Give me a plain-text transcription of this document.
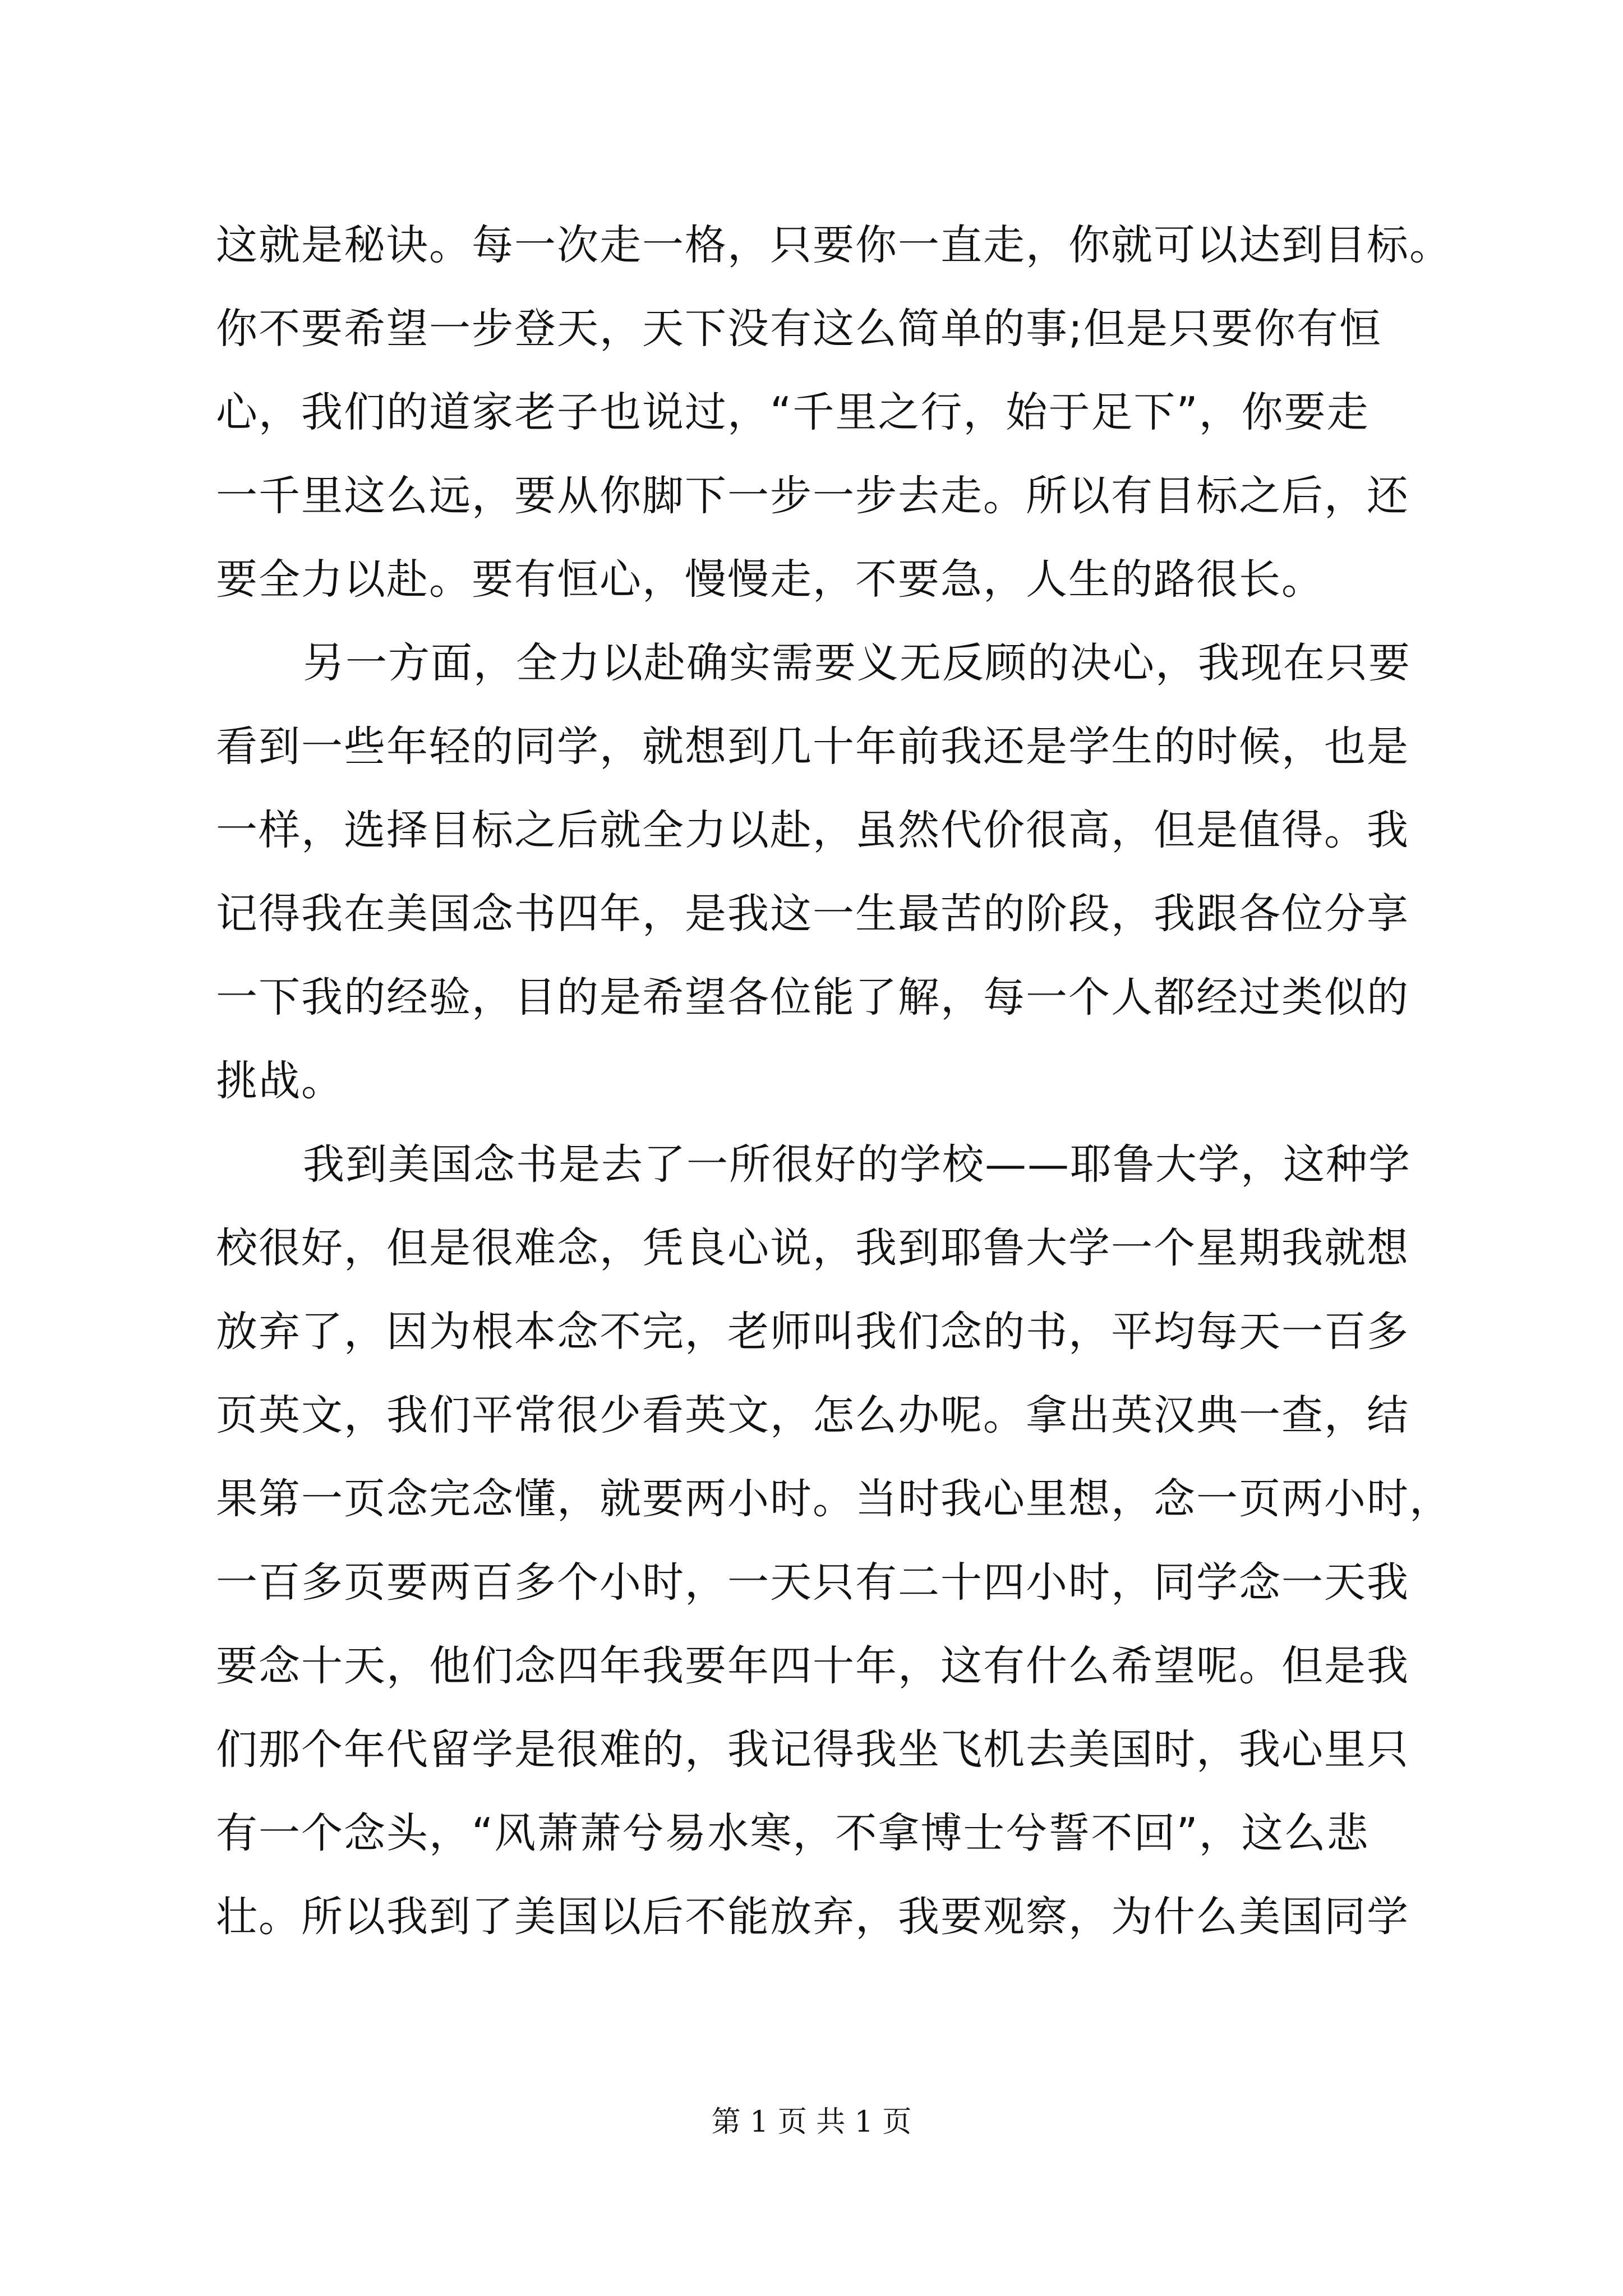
这就是秘诀。每一次走一格，只要你一直走，你就可以达到目标。
你不要希望一步登天，天下没有这么简单的事;但是只要你有恒
心，我们的道家老子也说过，“千里之行，始于足下”，你要走
一千里这么远，要从你脚下一步一步去走。所以有目标之后，还
要全力以赴。要有恒心，慢慢走，不要急，人生的路很长。
另一方面，全力以赴确实需要义无反顾的决心，我现在只要
看到一些年轻的同学，就想到几十年前我还是学生的时候，也是
一样，选择目标之后就全力以赴，虽然代价很高，但是值得。我
记得我在美国念书四年，是我这一生最苦的阶段，我跟各位分享
一下我的经验，目的是希望各位能了解，每一个人都经过类似的
挑战。
我到美国念书是去了一所很好的学校——耶鲁大学，这种学
校很好，但是很难念，凭良心说，我到耶鲁大学一个星期我就想
放弃了，因为根本念不完，老师叫我们念的书，平均每天一百多
页英文，我们平常很少看英文，怎么办呢。拿出英汉典一查，结
果第一页念完念懂，就要两小时。当时我心里想，念一页两小时，
一百多页要两百多个小时，一天只有二十四小时，同学念一天我
要念十天，他们念四年我要年四十年，这有什么希望呢。但是我
们那个年代留学是很难的，我记得我坐飞机去美国时，我心里只
有一个念头，“风萧萧兮易水寒，不拿博士兮誓不回”，这么悲
壮。所以我到了美国以后不能放弃，我要观察，为什么美国同学
第 1 页 共 1 页
